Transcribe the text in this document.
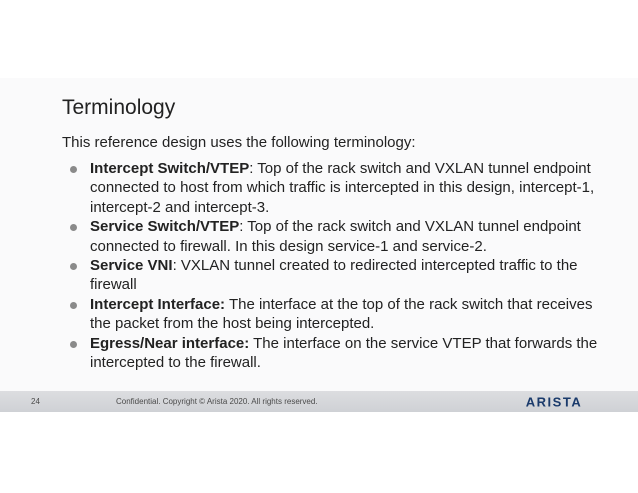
Terminology

This reference design uses the following terminology:

Intercept Switch/VTEP: Top of the rack switch and VXLAN tunnel endpoint connected to host from which traffic is intercepted in this design, intercept-1, intercept-2 and intercept-3.
Service Switch/VTEP: Top of the rack switch and VXLAN tunnel endpoint connected to firewall. In this design service-1 and service-2.
Service VNI: VXLAN tunnel created to redirected intercepted traffic to the firewall
Intercept Interface: The interface at the top of the rack switch that receives the packet from the host being intercepted.
Egress/Near interface: The interface on the service VTEP that forwards the intercepted to the firewall.
24	Confidential. Copyright © Arista 2020. All rights reserved.	ARISTA
